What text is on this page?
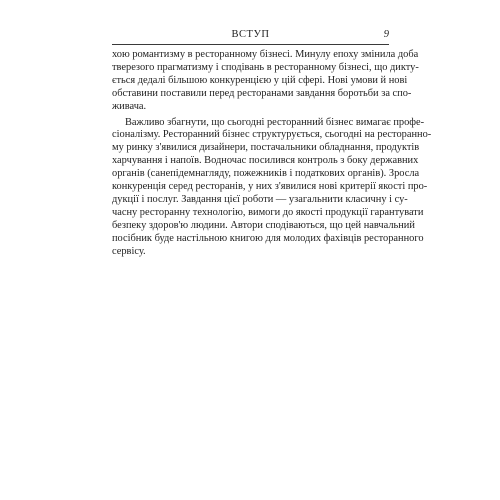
ВСТУП	9

хою романтизму в ресторанному бізнесі. Минулу епоху змінила доба
тверезого прагматизму і сподівань в ресторанному бізнесі, що дикту-
ється дедалі більшою конкуренцією у цій сфері. Нові умови й нові
обставини поставили перед ресторанами завдання боротьби за спо-
живача.

Важливо збагнути, що сьогодні ресторанний бізнес вимагає профе-
сіоналізму. Ресторанний бізнес структурується, сьогодні на ресторанно-
му ринку з'явилися дизайнери, постачальники обладнання, продуктів
харчування і напоїв. Водночас посилився контроль з боку державних
органів (санепідемнагляду, пожежників і податкових органів). Зросла
конкуренція серед ресторанів, у них з'явилися нові критерії якості про-
дукції і послуг. Завдання цієї роботи — узагальнити класичну і су-
часну ресторанну технологію, вимоги до якості продукції гарантувати
безпеку здоров'ю людини. Автори сподіваються, що цей навчальний
посібник буде настільною книгою для молодих фахівців ресторанного
сервісу.
